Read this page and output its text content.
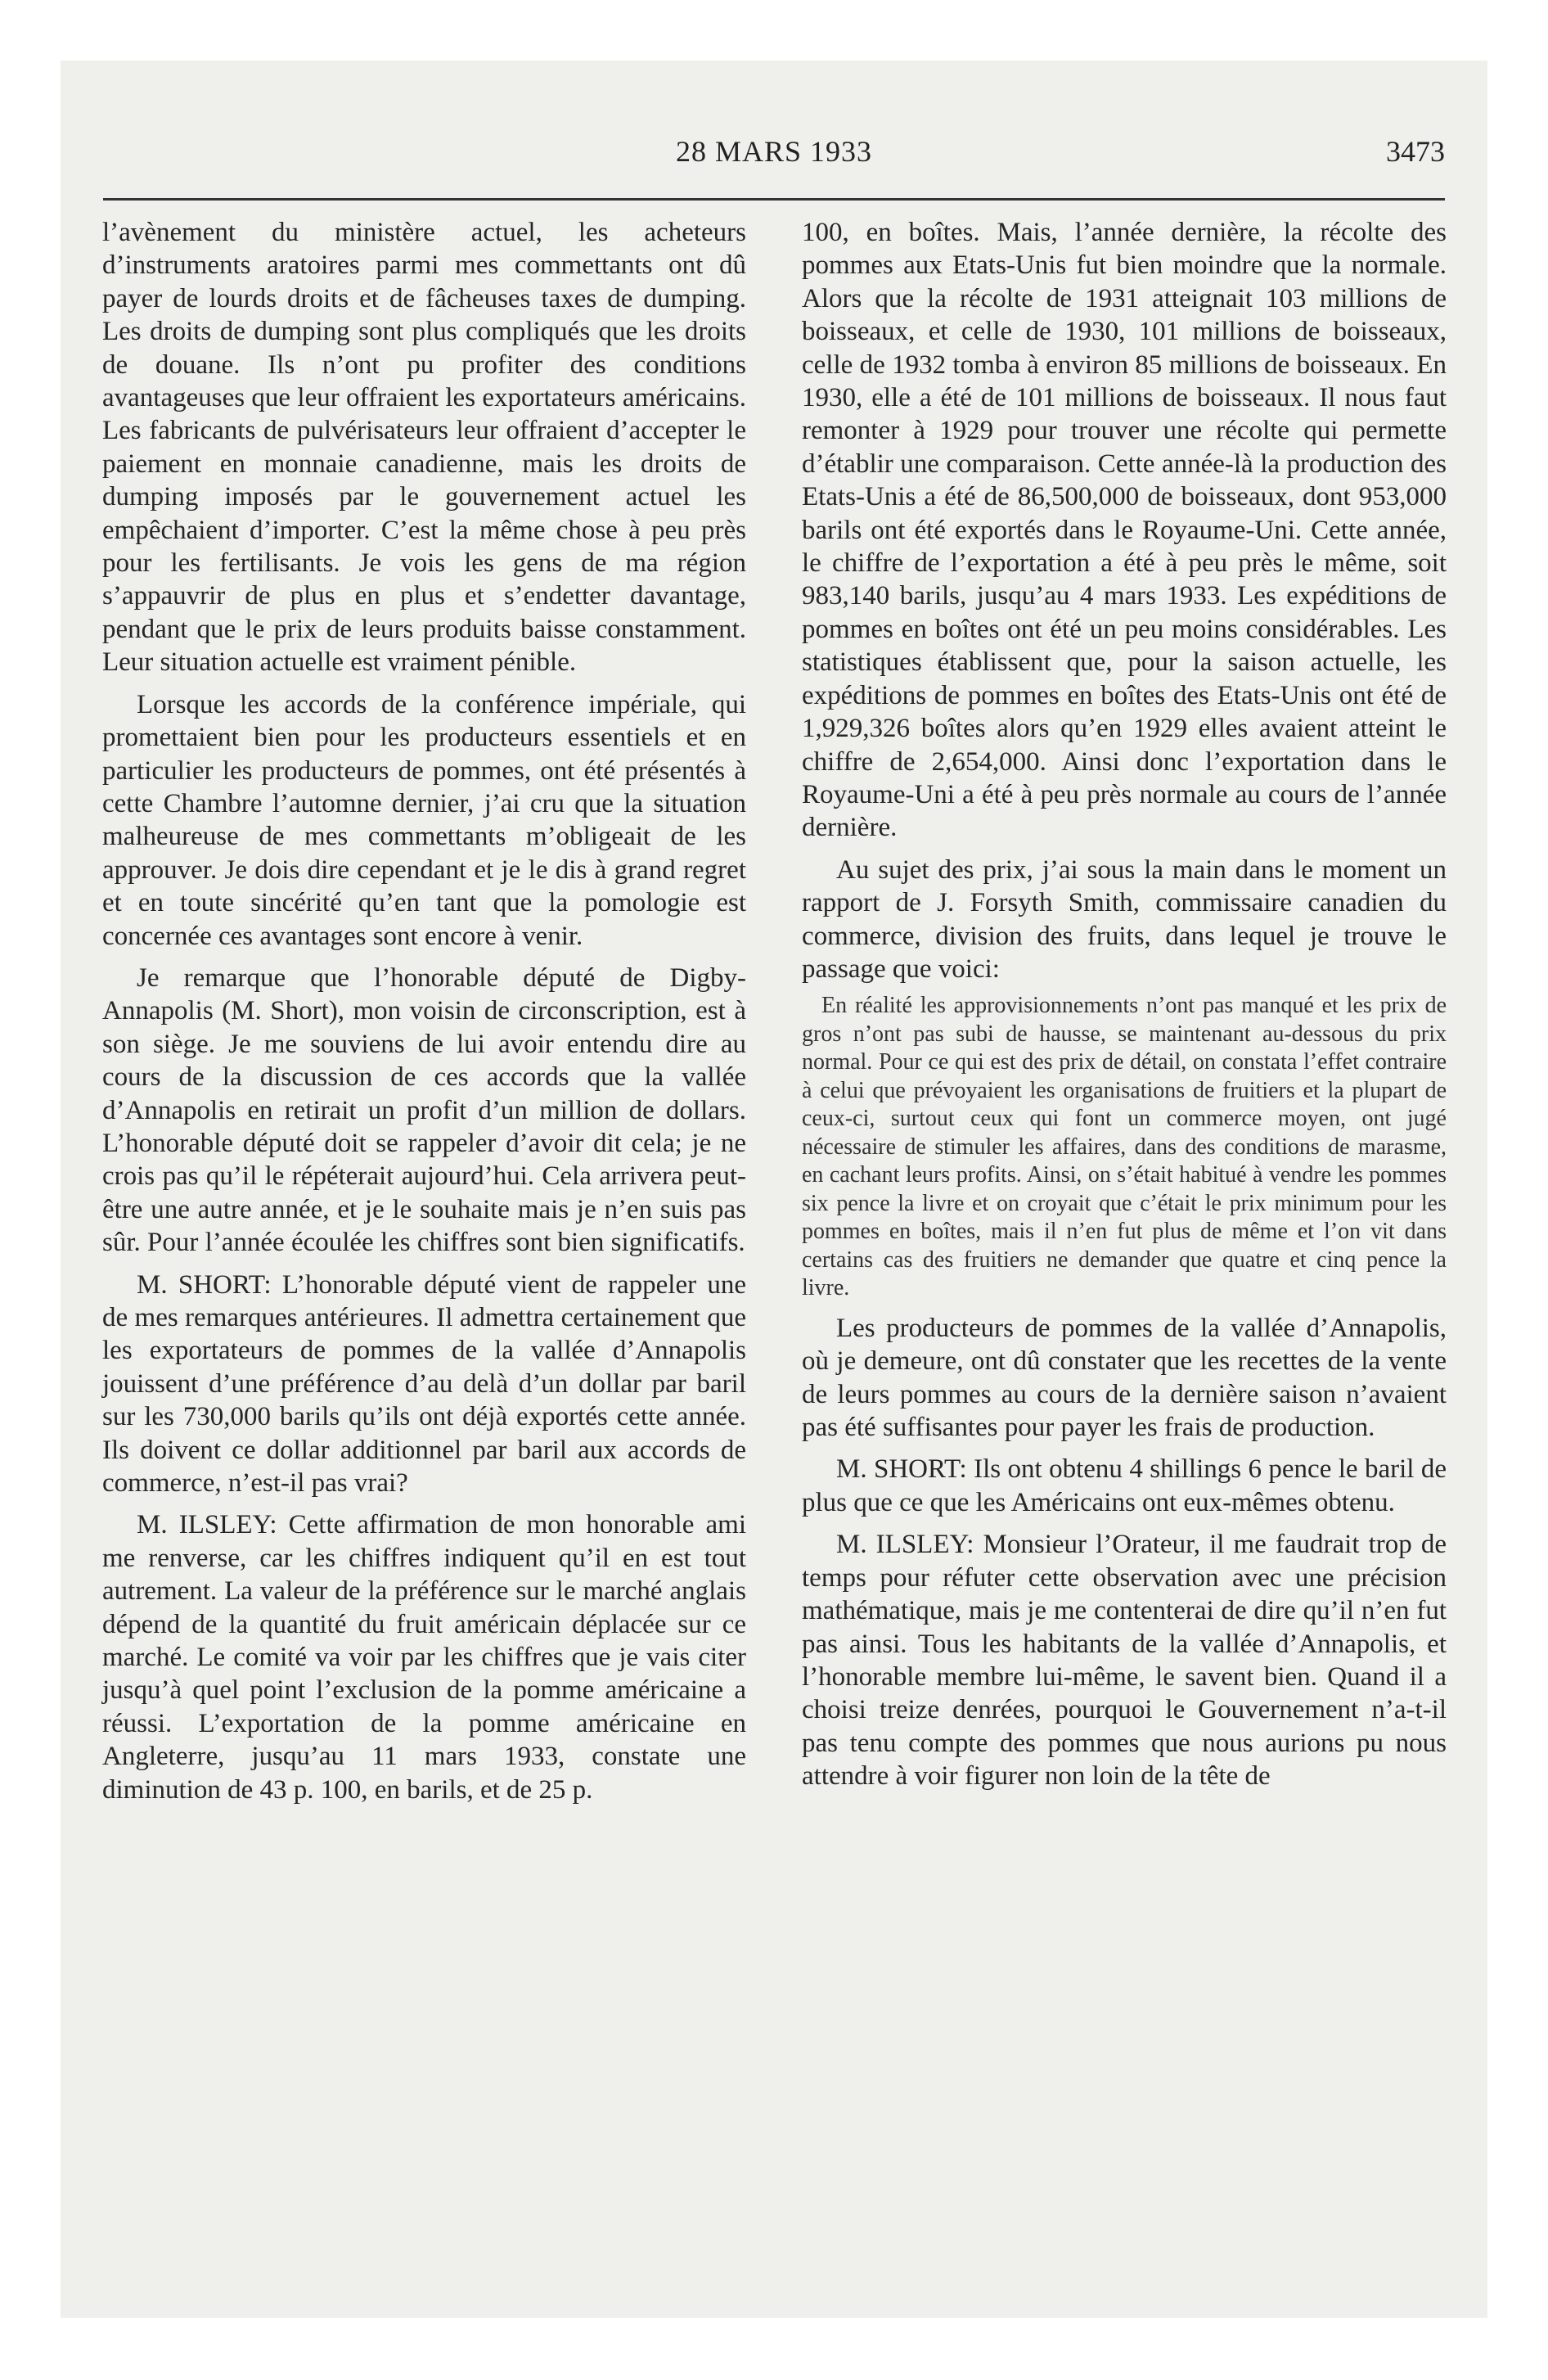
28 MARS 1933	3473

l’avènement du ministère actuel, les acheteurs d’instruments aratoires parmi mes commettants ont dû payer de lourds droits et de fâcheuses taxes de dumping. Les droits de dumping sont plus compliqués que les droits de douane. Ils n’ont pu profiter des conditions avantageuses que leur offraient les exportateurs américains. Les fabricants de pulvérisateurs leur offraient d’accepter le paiement en monnaie canadienne, mais les droits de dumping imposés par le gouvernement actuel les empêchaient d’importer. C’est la même chose à peu près pour les fertilisants. Je vois les gens de ma région s’appauvrir de plus en plus et s’endetter davantage, pendant que le prix de leurs produits baisse constamment. Leur situation actuelle est vraiment pénible.

Lorsque les accords de la conférence impériale, qui promettaient bien pour les producteurs essentiels et en particulier les producteurs de pommes, ont été présentés à cette Chambre l’automne dernier, j’ai cru que la situation malheureuse de mes commettants m’obligeait de les approuver. Je dois dire cependant et je le dis à grand regret et en toute sincérité qu’en tant que la pomologie est concernée ces avantages sont encore à venir.

Je remarque que l’honorable député de Digby-Annapolis (M. Short), mon voisin de circonscription, est à son siège. Je me souviens de lui avoir entendu dire au cours de la discussion de ces accords que la vallée d’Annapolis en retirait un profit d’un million de dollars. L’honorable député doit se rappeler d’avoir dit cela; je ne crois pas qu’il le répéterait aujourd’hui. Cela arrivera peut-être une autre année, et je le souhaite mais je n’en suis pas sûr. Pour l’année écoulée les chiffres sont bien significatifs.

M. SHORT: L’honorable député vient de rappeler une de mes remarques antérieures. Il admettra certainement que les exportateurs de pommes de la vallée d’Annapolis jouissent d’une préférence d’au delà d’un dollar par baril sur les 730,000 barils qu’ils ont déjà exportés cette année. Ils doivent ce dollar additionnel par baril aux accords de commerce, n’est-il pas vrai?

M. ILSLEY: Cette affirmation de mon honorable ami me renverse, car les chiffres indiquent qu’il en est tout autrement. La valeur de la préférence sur le marché anglais dépend de la quantité du fruit américain déplacée sur ce marché. Le comité va voir par les chiffres que je vais citer jusqu’à quel point l’exclusion de la pomme américaine a réussi. L’exportation de la pomme américaine en Angleterre, jusqu’au 11 mars 1933, constate une diminution de 43 p. 100, en barils, et de 25 p.

100, en boîtes. Mais, l’année dernière, la récolte des pommes aux Etats-Unis fut bien moindre que la normale. Alors que la récolte de 1931 atteignait 103 millions de boisseaux, et celle de 1930, 101 millions de boisseaux, celle de 1932 tomba à environ 85 millions de boisseaux. En 1930, elle a été de 101 millions de boisseaux. Il nous faut remonter à 1929 pour trouver une récolte qui permette d’établir une comparaison. Cette année-là la production des Etats-Unis a été de 86,500,000 de boisseaux, dont 953,000 barils ont été exportés dans le Royaume-Uni. Cette année, le chiffre de l’exportation a été à peu près le même, soit 983,140 barils, jusqu’au 4 mars 1933. Les expéditions de pommes en boîtes ont été un peu moins considérables. Les statistiques établissent que, pour la saison actuelle, les expéditions de pommes en boîtes des Etats-Unis ont été de 1,929,326 boîtes alors qu’en 1929 elles avaient atteint le chiffre de 2,654,000. Ainsi donc l’exportation dans le Royaume-Uni a été à peu près normale au cours de l’année dernière.

Au sujet des prix, j’ai sous la main dans le moment un rapport de J. Forsyth Smith, commissaire canadien du commerce, division des fruits, dans lequel je trouve le passage que voici:

En réalité les approvisionnements n’ont pas manqué et les prix de gros n’ont pas subi de hausse, se maintenant au-dessous du prix normal. Pour ce qui est des prix de détail, on constata l’effet contraire à celui que prévoyaient les organisations de fruitiers et la plupart de ceux-ci, surtout ceux qui font un commerce moyen, ont jugé nécessaire de stimuler les affaires, dans des conditions de marasme, en cachant leurs profits. Ainsi, on s’était habitué à vendre les pommes six pence la livre et on croyait que c’était le prix minimum pour les pommes en boîtes, mais il n’en fut plus de même et l’on vit dans certains cas des fruitiers ne demander que quatre et cinq pence la livre.

Les producteurs de pommes de la vallée d’Annapolis, où je demeure, ont dû constater que les recettes de la vente de leurs pommes au cours de la dernière saison n’avaient pas été suffisantes pour payer les frais de production.

M. SHORT: Ils ont obtenu 4 shillings 6 pence le baril de plus que ce que les Américains ont eux-mêmes obtenu.

M. ILSLEY: Monsieur l’Orateur, il me faudrait trop de temps pour réfuter cette observation avec une précision mathématique, mais je me contenterai de dire qu’il n’en fut pas ainsi. Tous les habitants de la vallée d’Annapolis, et l’honorable membre lui-même, le savent bien. Quand il a choisi treize denrées, pourquoi le Gouvernement n’a-t-il pas tenu compte des pommes que nous aurions pu nous attendre à voir figurer non loin de la tête de
